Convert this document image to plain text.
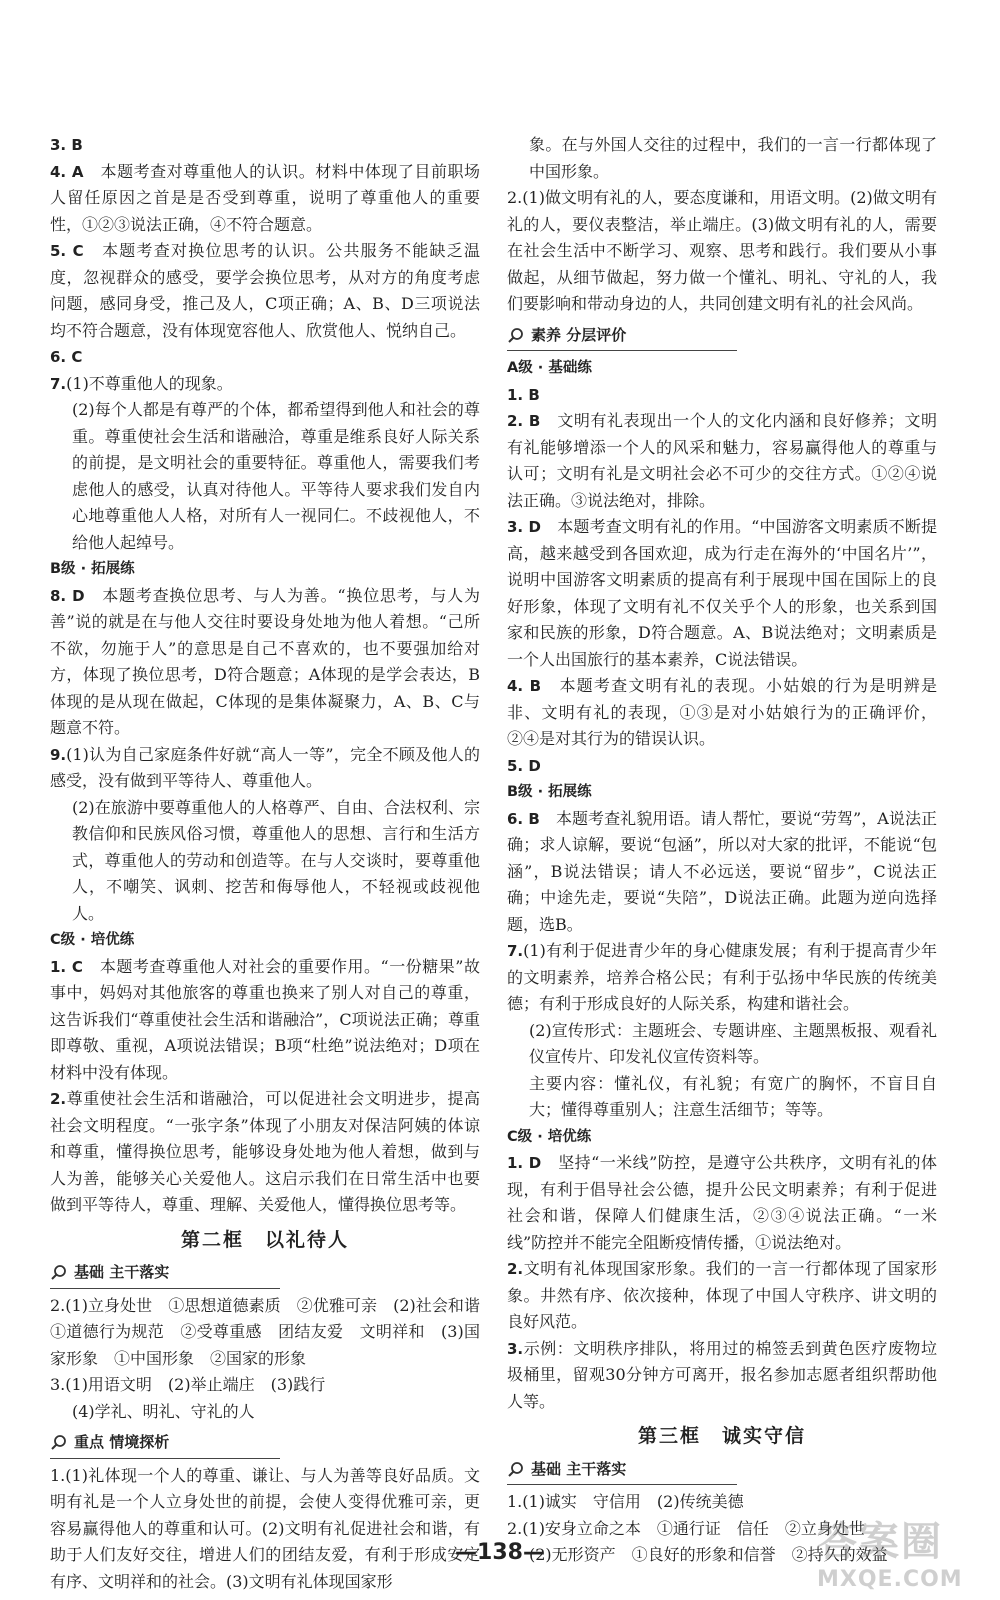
3. B

4. A　 本题考查对尊重他人的认识。材料中体现了目前职场人留任原因之首是是否受到尊重，说明了尊重他人的重要性，①②③说法正确，④不符合题意。

5. C　 本题考查对换位思考的认识。公共服务不能缺乏温度，忽视群众的感受，要学会换位思考，从对方的角度考虑问题，感同身受，推己及人，C项正确；A、B、D三项说法均不符合题意，没有体现宽容他人、欣赏他人、悦纳自己。

6. C

7.(1)不尊重他人的现象。

(2)每个人都是有尊严的个体，都希望得到他人和社会的尊重。尊重使社会生活和谐融洽，尊重是维系良好人际关系的前提，是文明社会的重要特征。尊重他人，需要我们考虑他人的感受，认真对待他人。平等待人要求我们发自内心地尊重他人人格，对所有人一视同仁。不歧视他人，不给他人起绰号。

B级 · 拓展练

8. D　 本题考查换位思考、与人为善。“换位思考，与人为善”说的就是在与他人交往时要设身处地为他人着想。“己所不欲，勿施于人”的意思是自己不喜欢的，也不要强加给对方，体现了换位思考，D符合题意；A体现的是学会表达，B体现的是从现在做起，C体现的是集体凝聚力，A、B、C与题意不符。

9.(1)认为自己家庭条件好就“高人一等”，完全不顾及他人的感受，没有做到平等待人、尊重他人。

(2)在旅游中要尊重他人的人格尊严、自由、合法权利、宗教信仰和民族风俗习惯，尊重他人的思想、言行和生活方式，尊重他人的劳动和创造等。在与人交谈时，要尊重他人，不嘲笑、讽刺、挖苦和侮辱他人，不轻视或歧视他人。

C级 · 培优练

1. C　 本题考查尊重他人对社会的重要作用。“一份糖果”故事中，妈妈对其他旅客的尊重也换来了别人对自己的尊重，这告诉我们“尊重使社会生活和谐融洽”，C项说法正确；尊重即尊敬、重视，A项说法错误；B项“杜绝”说法绝对；D项在材料中没有体现。

2.尊重使社会生活和谐融洽，可以促进社会文明进步，提高社会文明程度。“一张字条”体现了小朋友对保洁阿姨的体谅和尊重，懂得换位思考，能够设身处地为他人着想，做到与人为善，能够关心关爱他人。这启示我们在日常生活中也要做到平等待人，尊重、理解、关爱他人，懂得换位思考等。

第二框　以礼待人
基础 主干落实

2.(1)立身处世　①思想道德素质　②优雅可亲　(2)社会和谐　①道德行为规范　②受尊重感　团结友爱　文明祥和　(3)国家形象　①中国形象　②国家的形象

3.(1)用语文明　(2)举止端庄　(3)践行

(4)学礼、明礼、守礼的人

重点 情境探析

1.(1)礼体现一个人的尊重、谦让、与人为善等良好品质。文明有礼是一个人立身处世的前提，会使人变得优雅可亲，更容易赢得他人的尊重和认可。(2)文明有礼促进社会和谐，有助于人们友好交往，增进人们的团结友爱，有利于形成安定有序、文明祥和的社会。(3)文明有礼体现国家形

象。在与外国人交往的过程中，我们的一言一行都体现了中国形象。

2.(1)做文明有礼的人，要态度谦和，用语文明。(2)做文明有礼的人，要仪表整洁，举止端庄。(3)做文明有礼的人，需要在社会生活中不断学习、观察、思考和践行。我们要从小事做起，从细节做起，努力做一个懂礼、明礼、守礼的人，我们要影响和带动身边的人，共同创建文明有礼的社会风尚。

素养 分层评价

A级 · 基础练

1. B

2. B　 文明有礼表现出一个人的文化内涵和良好修养；文明有礼能够增添一个人的风采和魅力，容易赢得他人的尊重与认可；文明有礼是文明社会必不可少的交往方式。①②④说法正确。③说法绝对，排除。

3. D　 本题考查文明有礼的作用。“中国游客文明素质不断提高，越来越受到各国欢迎，成为行走在海外的‘中国名片’”，说明中国游客文明素质的提高有利于展现中国在国际上的良好形象，体现了文明有礼不仅关乎个人的形象，也关系到国家和民族的形象，D符合题意。A、B说法绝对；文明素质是一个人出国旅行的基本素养，C说法错误。

4. B　 本题考查文明有礼的表现。小姑娘的行为是明辨是非、文明有礼的表现，①③是对小姑娘行为的正确评价，②④是对其行为的错误认识。

5. D

B级 · 拓展练

6. B　 本题考查礼貌用语。请人帮忙，要说“劳驾”，A说法正确；求人谅解，要说“包涵”，所以对大家的批评，不能说“包涵”，B说法错误；请人不必远送，要说“留步”，C说法正确；中途先走，要说“失陪”，D说法正确。此题为逆向选择题，选B。

7.(1)有利于促进青少年的身心健康发展；有利于提高青少年的文明素养，培养合格公民；有利于弘扬中华民族的传统美德；有利于形成良好的人际关系，构建和谐社会。

(2)宣传形式：主题班会、专题讲座、主题黑板报、观看礼仪宣传片、印发礼仪宣传资料等。

主要内容：懂礼仪，有礼貌；有宽广的胸怀，不盲目自大；懂得尊重别人；注意生活细节；等等。

C级 · 培优练

1. D　 坚持“一米线”防控，是遵守公共秩序，文明有礼的体现，有利于倡导社会公德，提升公民文明素养；有利于促进社会和谐，保障人们健康生活，②③④说法正确。“一米线”防控并不能完全阻断疫情传播，①说法绝对。

2.文明有礼体现国家形象。我们的一言一行都体现了国家形象。井然有序、依次接种，体现了中国人守秩序、讲文明的良好风范。

3.示例：文明秩序排队，将用过的棉签丢到黄色医疗废物垃圾桶里，留观30分钟方可离开，报名参加志愿者组织帮助他人等。

第三框　诚实守信
基础 主干落实

1.(1)诚实　守信用　(2)传统美德

2.(1)安身立命之本　①通行证　信任　②立身处世

(2)无形资产　①良好的形象和信誉　②持久的效益

—138—	答案圈
MXQE.COM
